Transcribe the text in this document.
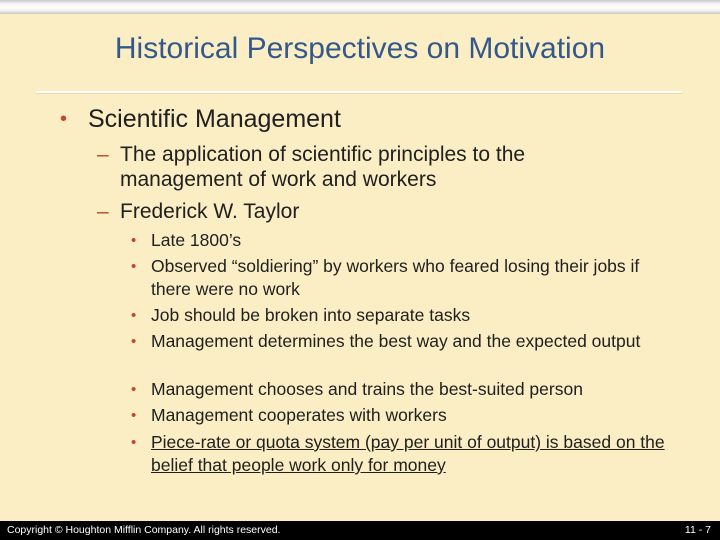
Historical Perspectives on Motivation
• Scientific Management
– The application of scientific principles to the management of work and workers
– Frederick W. Taylor
• Late 1800’s
• Observed “soldiering” by workers who feared losing their jobs if there were no work
• Job should be broken into separate tasks
• Management determines the best way and the expected output
• Management chooses and trains the best-suited person
• Management cooperates with workers
• Piece-rate or quota system (pay per unit of output) is based on the belief that people work only for money
Copyright © Houghton Mifflin Company. All rights reserved.	11 - 7
